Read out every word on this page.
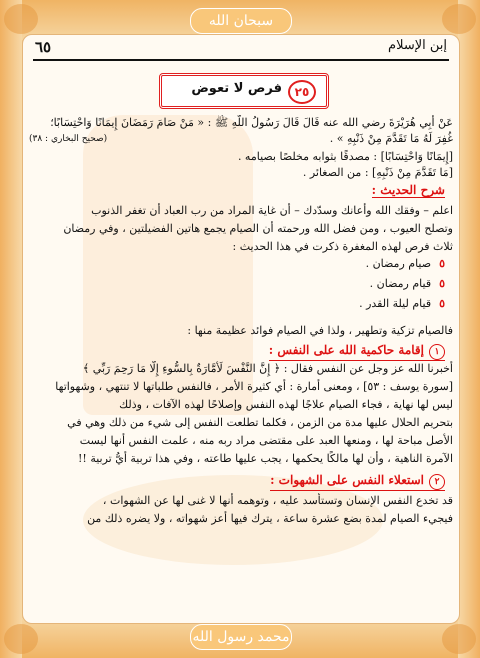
سبحان الله
محمد رسول الله
٦٥	إبن الإسلام
٢٥
فرص لا تعوض
عَنْ أَبِي هُرَيْرَةَ رضي الله عنه قَالَ قَالَ رَسُولُ اللَّهِ ﷺ : « مَنْ صَامَ رَمَضَانَ إِيمَانًا وَاحْتِسَابًا؛
غُفِرَ لَهُ مَا تَقَدَّمَ مِنْ ذَنْبِهِ » .
(صحيح البخاري : ٣٨)
[إِيمَانًا وَاحْتِسَابًا] : مصدقًا بثوابه مخلصًا بصيامه .
[مَا تَقَدَّمَ مِنْ ذَنْبِهِ] : من الصغائر .
شرح الحديث :
اعلم – وفقك الله وأعانك وسدّدك – أن غاية المراد من رب العباد أن تغفر الذنوب
وتصلح العيوب ، ومن فضل الله ورحمته أن الصيام يجمع هاتين الفضيلتين ، وفي رمضان
ثلاث فرص لهذه المغفرة ذكرت في هذا الحديث :
٥صيام رمضان .
٥قيام رمضان .
٥قيام ليلة القدر .
فالصيام تزكية وتطهير ، ولذا في الصيام فوائد عظيمة منها :
١إقامة حاكمية الله على النفس :
أخبرنا الله عز وجل عن النفس فقال : ﴿ إِنَّ النَّفْسَ لَأَمَّارَةٌ بِالسُّوءِ إِلَّا مَا رَحِمَ رَبِّي ﴾
[سورة يوسف : ٥٣] ، ومعنى أمارة : أي كثيرة الأمر ، فالنفس طلباتها لا تنتهي ، وشهواتها
ليس لها نهاية ، فجاء الصيام علاجًا لهذه النفس وإصلاحًا لهذه الآفات ، وذلك
بتحريم الحلال عليها مدة من الزمن ، فكلما تطلعت النفس إلى شيء من ذلك وهي في
الأصل مباحة لها ، ومنعها العبد على مقتضى مراد ربه منه ، علمت النفس أنها ليست
الآمرة الناهية ، وأن لها مالكًا يحكمها ، يجب عليها طاعته ، وفي هذا تربية أيُّ تربية !!
٢استعلاء النفس على الشهوات :
قد تخدع النفس الإنسان وتستأسد عليه ، وتوهمه أنها لا غنى لها عن الشهوات ،
فيجيء الصيام لمدة بضع عشرة ساعة ، يترك فيها أعز شهواته ، ولا يضره ذلك من
